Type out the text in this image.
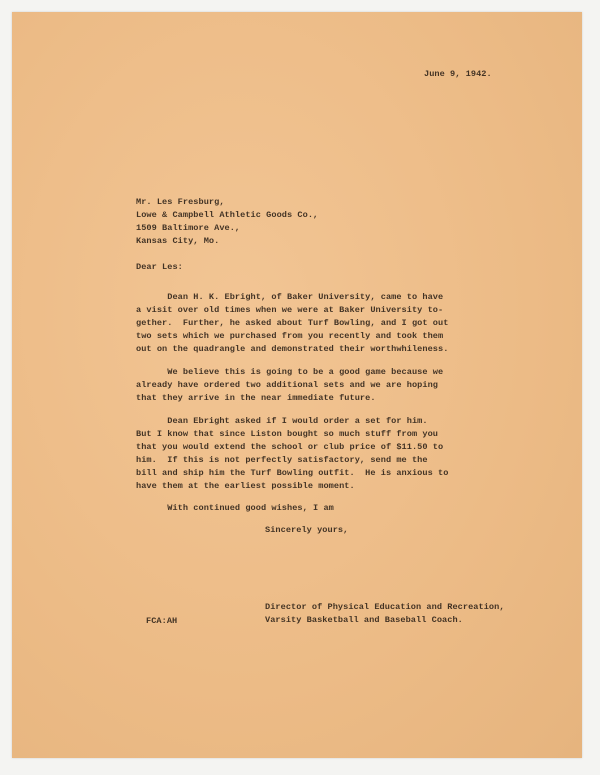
June 9, 1942.
Mr. Les Fresburg,
Lowe & Campbell Athletic Goods Co.,
1509 Baltimore Ave.,
Kansas City, Mo.
Dear Les:
Dean H. K. Ebright, of Baker University, came to have
a visit over old times when we were at Baker University to-
gether.  Further, he asked about Turf Bowling, and I got out
two sets which we purchased from you recently and took them
out on the quadrangle and demonstrated their worthwhileness.
We believe this is going to be a good game because we
already have ordered two additional sets and we are hoping
that they arrive in the near immediate future.
Dean Ebright asked if I would order a set for him.
But I know that since Liston bought so much stuff from you
that you would extend the school or club price of $11.50 to
him.  If this is not perfectly satisfactory, send me the
bill and ship him the Turf Bowling outfit.  He is anxious to
have them at the earliest possible moment.
With continued good wishes, I am
Sincerely yours,
Director of Physical Education and Recreation,
Varsity Basketball and Baseball Coach.
FCA:AH
